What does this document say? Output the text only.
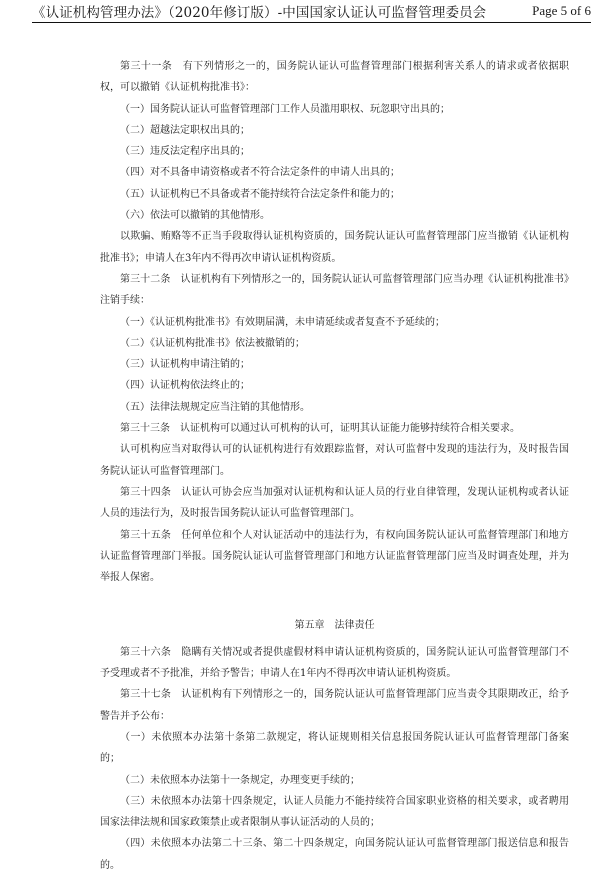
《认证机构管理办法》（2020年修订版）-中国国家认证认可监督管理委员会	Page 5 of 6

第三十一条　有下列情形之一的，国务院认证认可监督管理部门根据利害关系人的请求或者依据职权，可以撤销《认证机构批准书》：

（一）国务院认证认可监督管理部门工作人员滥用职权、玩忽职守出具的；

（二）超越法定职权出具的；

（三）违反法定程序出具的；

（四）对不具备申请资格或者不符合法定条件的申请人出具的；

（五）认证机构已不具备或者不能持续符合法定条件和能力的；

（六）依法可以撤销的其他情形。

以欺骗、贿赂等不正当手段取得认证机构资质的，国务院认证认可监督管理部门应当撤销《认证机构批准书》；申请人在3年内不得再次申请认证机构资质。

第三十二条　认证机构有下列情形之一的，国务院认证认可监督管理部门应当办理《认证机构批准书》注销手续：

（一）《认证机构批准书》有效期届满，未申请延续或者复查不予延续的；

（二）《认证机构批准书》依法被撤销的；

（三）认证机构申请注销的；

（四）认证机构依法终止的；

（五）法律法规规定应当注销的其他情形。

第三十三条　认证机构可以通过认可机构的认可，证明其认证能力能够持续符合相关要求。

认可机构应当对取得认可的认证机构进行有效跟踪监督，对认可监督中发现的违法行为，及时报告国务院认证认可监督管理部门。

第三十四条　认证认可协会应当加强对认证机构和认证人员的行业自律管理，发现认证机构或者认证人员的违法行为，及时报告国务院认证认可监督管理部门。

第三十五条　任何单位和个人对认证活动中的违法行为，有权向国务院认证认可监督管理部门和地方认证监督管理部门举报。国务院认证认可监督管理部门和地方认证监督管理部门应当及时调查处理，并为举报人保密。

第五章　法律责任

第三十六条　隐瞒有关情况或者提供虚假材料申请认证机构资质的，国务院认证认可监督管理部门不予受理或者不予批准，并给予警告；申请人在1年内不得再次申请认证机构资质。

第三十七条　认证机构有下列情形之一的，国务院认证认可监督管理部门应当责令其限期改正，给予警告并予公布：

（一）未依照本办法第十条第二款规定，将认证规则相关信息报国务院认证认可监督管理部门备案的；

（二）未依照本办法第十一条规定，办理变更手续的；

（三）未依照本办法第十四条规定，认证人员能力不能持续符合国家职业资格的相关要求，或者聘用国家法律法规和国家政策禁止或者限制从事认证活动的人员的；

（四）未依照本办法第二十三条、第二十四条规定，向国务院认证认可监督管理部门报送信息和报告的。
